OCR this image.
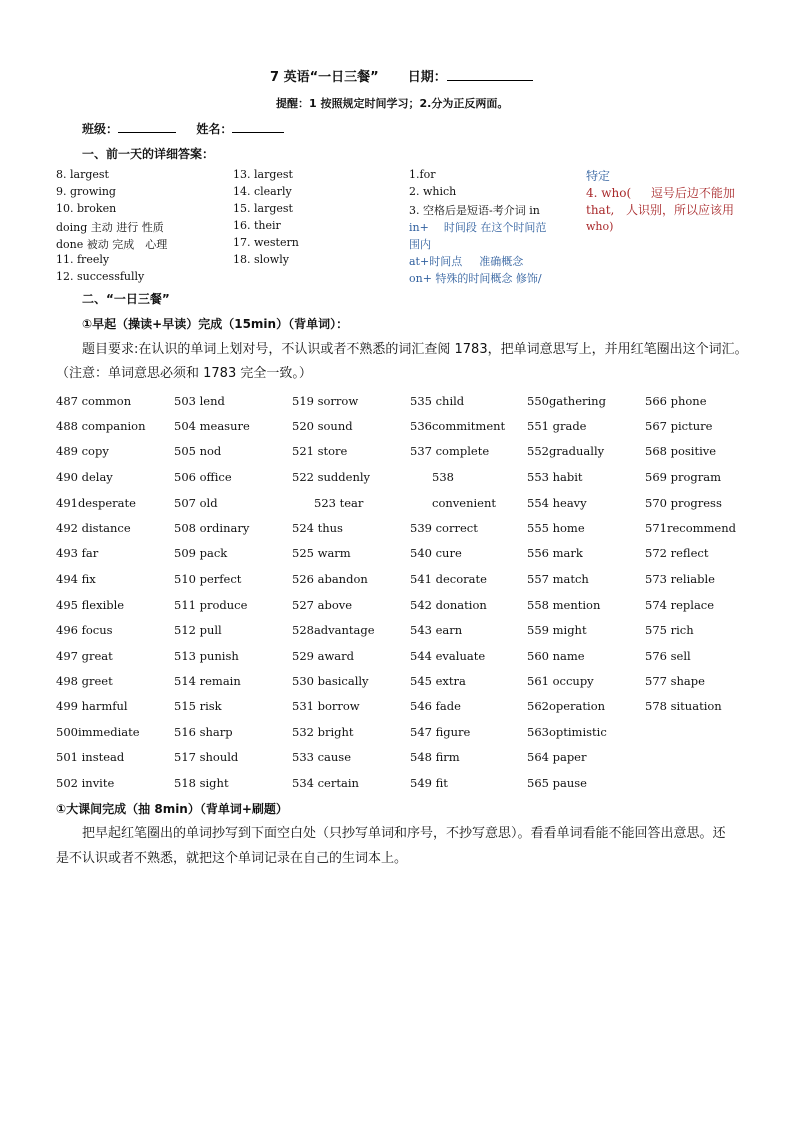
7 英语“一日三餐” 日期：
提醒：1 按照规定时间学习；2.分为正反两面。
班级：	姓名：
一、前一天的详细答案：
8. largest
9. growing
10. broken
doing 主动 进行 性质
done 被动 完成　心理
11. freely
12. successfully
13. largest
14. clearly
15. largest
16. their
17. western
18. slowly
1.for
2. which
3. 空格后是短语-考介词 in
in+ 时间段 在这个时间范
围内
at+时间点 准确概念
on+ 特殊的时间概念 修饰/
特定
4. who( 逗号后边不能加
that, 人识别，所以应该用
who)
二、“一日三餐”
①早起（操读+早读）完成（15min）（背单词）：
题目要求:在认识的单词上划对号，不认识或者不熟悉的词汇查阅 1783，把单词意思写上，并用红笔圈出这个词汇。
（注意：单词意思必须和 1783 完全一致。）
487 common
488 companion
489 copy
490 delay
491desperate
492 distance
493 far
494 fix
495 flexible
496 focus
497 great
498 greet
499 harmful
500immediate
501 instead
502 invite
503 lend
504 measure
505 nod
506 office
507 old
508 ordinary
509 pack
510 perfect
511 produce
512 pull
513 punish
514 remain
515 risk
516 sharp
517 should
518 sight
519 sorrow
520 sound
521 store
522 suddenly
523 tear
524 thus
525 warm
526 abandon
527 above
528advantage
529 award
530 basically
531 borrow
532 bright
533 cause
534 certain
535 child
536commitment
537 complete
538
convenient
539 correct
540 cure
541 decorate
542 donation
543 earn
544 evaluate
545 extra
546 fade
547 figure
548 firm
549 fit
550gathering
551 grade
552gradually
553 habit
554 heavy
555 home
556 mark
557 match
558 mention
559 might
560 name
561 occupy
562operation
563optimistic
564 paper
565 pause
566 phone
567 picture
568 positive
569 program
570 progress
571recommend
572 reflect
573 reliable
574 replace
575 rich
576 sell
577 shape
578 situation
①大课间完成（抽 8min）（背单词+刷题）
把早起红笔圈出的单词抄写到下面空白处（只抄写单词和序号，不抄写意思）。看看单词看能不能回答出意思。还
是不认识或者不熟悉，就把这个单词记录在自己的生词本上。
